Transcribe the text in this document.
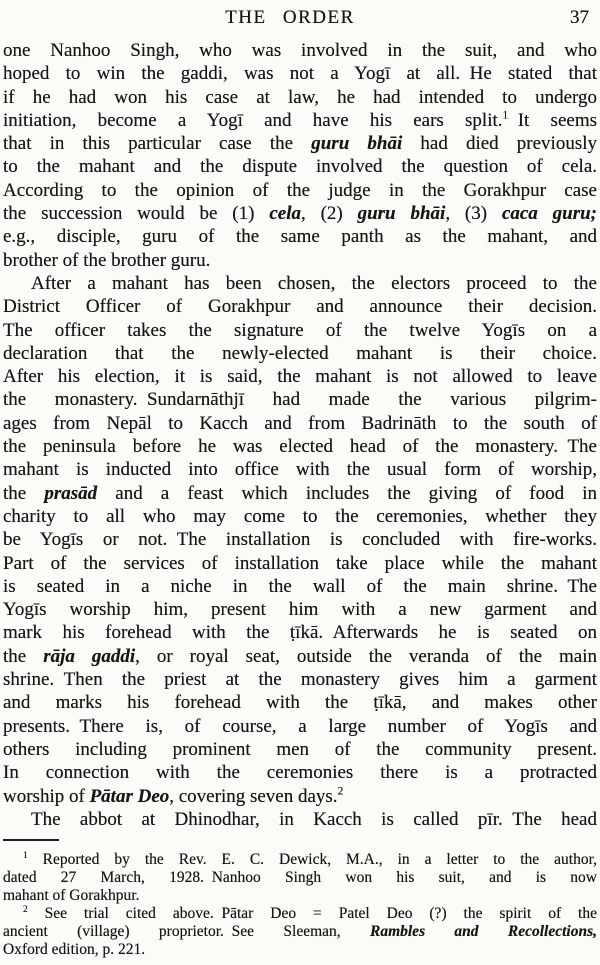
THE ORDER	37
one Nanhoo Singh, who was involved in the suit, and who
hoped to win the gaddi, was not a Yogī at all. He stated that
if he had won his case at law, he had intended to undergo
initiation, become a Yogī and have his ears split.$^1$ It seems
that in this particular case the guru bhāi had died previously
to the mahant and the dispute involved the question of cela.
According to the opinion of the judge in the Gorakhpur case
the succession would be (1) cela, (2) guru bhāi, (3) caca guru;
e.g., disciple, guru of the same panth as the mahant, and
brother of the brother guru.
After a mahant has been chosen, the electors proceed to the
District Officer of Gorakhpur and announce their decision.
The officer takes the signature of the twelve Yogīs on a
declaration that the newly-elected mahant is their choice.
After his election, it is said, the mahant is not allowed to leave
the monastery. Sundarnāthjī had made the various pilgrim-
ages from Nepāl to Kacch and from Badrināth to the south of
the peninsula before he was elected head of the monastery. The
mahant is inducted into office with the usual form of worship,
the prasād and a feast which includes the giving of food in
charity to all who may come to the ceremonies, whether they
be Yogīs or not. The installation is concluded with fire-works.
Part of the services of installation take place while the mahant
is seated in a niche in the wall of the main shrine. The
Yogīs worship him, present him with a new garment and
mark his forehead with the ṭīkā. Afterwards he is seated on
the rāja gaddi, or royal seat, outside the veranda of the main
shrine. Then the priest at the monastery gives him a garment
and marks his forehead with the ṭīkā, and makes other
presents. There is, of course, a large number of Yogīs and
others including prominent men of the community present.
In connection with the ceremonies there is a protracted
worship of Pātar Deo, covering seven days.$^2$
The abbot at Dhinodhar, in Kacch is called pīr. The head
$^1$ Reported by the Rev. E. C. Dewick, M.A., in a letter to the author,
dated 27 March, 1928. Nanhoo Singh won his suit, and is now
mahant of Gorakhpur.
$^2$ See trial cited above. Pātar Deo = Patel Deo (?) the spirit of the
ancient (village) proprietor. See Sleeman, Rambles and Recollections,
Oxford edition, p. 221.
